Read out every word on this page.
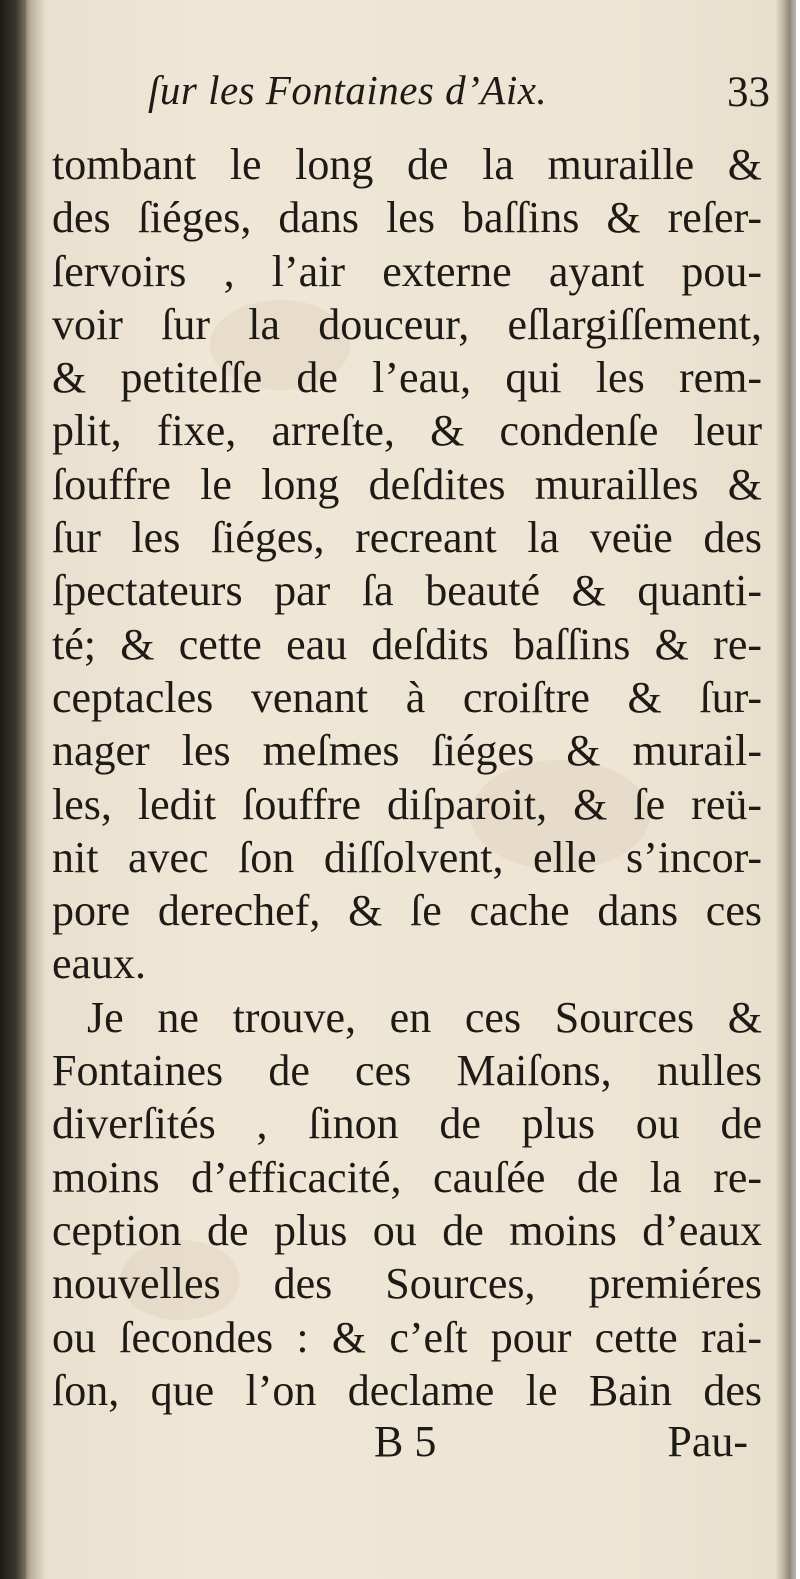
ſur les Fontaines d’Aix.	33
tombant le long de la muraille &
des ſiéges, dans les baſſins & reſer-
ſervoirs , l’air externe ayant pou-
voir ſur la douceur, eſlargiſſement,
& petiteſſe de l’eau, qui les rem-
plit, fixe, arreſte, & condenſe leur
ſouffre le long deſdites murailles &
ſur les ſiéges, recreant la veüe des
ſpectateurs par ſa beauté & quanti-
té; & cette eau deſdits baſſins & re-
ceptacles venant à croiſtre & ſur-
nager les meſmes ſiéges & murail-
les, ledit ſouffre diſparoit, & ſe reü-
nit avec ſon diſſolvent, elle s’incor-
pore derechef, & ſe cache dans ces
eaux.
Je ne trouve, en ces Sources &
Fontaines de ces Maiſons, nulles
diverſités , ſinon de plus ou de
moins d’efficacité, cauſée de la re-
ception de plus ou de moins d’eaux
nouvelles des Sources, premiéres
ou ſecondes : & c’eſt pour cette rai-
ſon, que l’on declame le Bain des
B 5	Pau-
